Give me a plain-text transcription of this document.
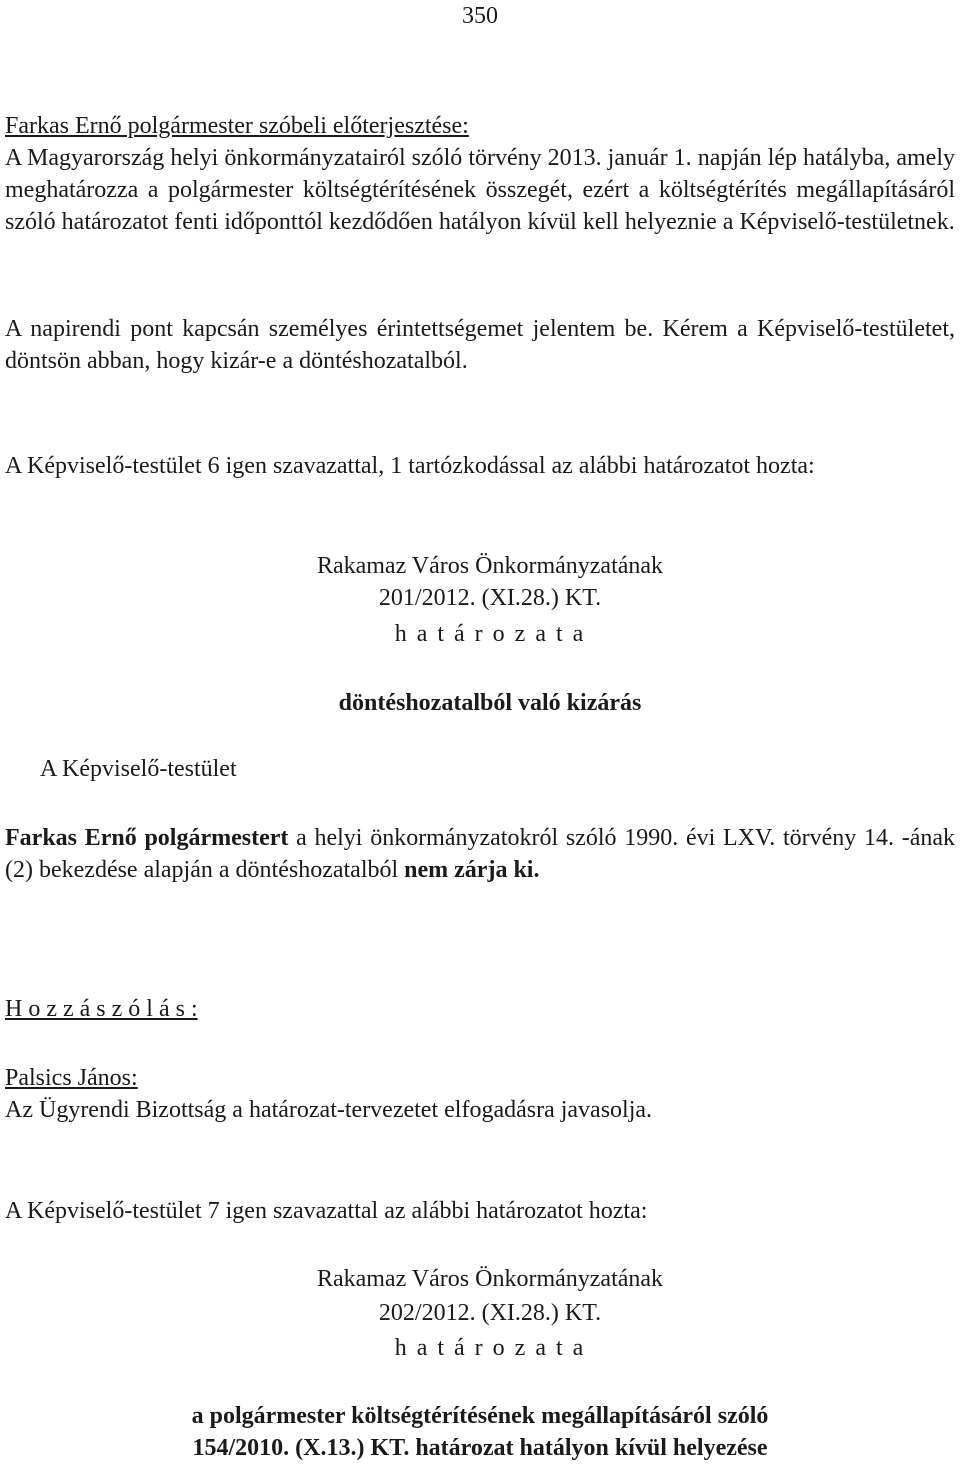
350
Farkas Ernő polgármester szóbeli előterjesztése:
A Magyarország helyi önkormányzatairól szóló törvény 2013. január 1. napján lép hatályba, amely meghatározza a polgármester költségtérítésének összegét, ezért a költségtérítés megállapításáról szóló határozatot fenti időponttól kezdődően hatályon kívül kell helyeznie a Képviselő-testületnek.
A napirendi pont kapcsán személyes érintettségemet jelentem be. Kérem a Képviselő-testületet, döntsön abban, hogy kizár-e a döntéshozatalból.
A Képviselő-testület 6 igen szavazattal, 1 tartózkodással az alábbi határozatot hozta:
Rakamaz Város Önkormányzatának
201/2012. (XI.28.) KT.
h a t á r o z a t a
döntéshozatalból való kizárás
A Képviselő-testület
Farkas Ernő polgármestert a helyi önkormányzatokról szóló 1990. évi LXV. törvény 14. -ának (2) bekezdése alapján a döntéshozatalból nem zárja ki.
H o z z á s z ó l á s :
Palsics János:
Az Ügyrendi Bizottság a határozat-tervezetet elfogadásra javasolja.
A Képviselő-testület 7 igen szavazattal az alábbi határozatot hozta:
Rakamaz Város Önkormányzatának
202/2012. (XI.28.) KT.
h a t á r o z a t a
a polgármester költségtérítésének megállapításáról szóló
154/2010. (X.13.) KT. határozat hatályon kívül helyezése
